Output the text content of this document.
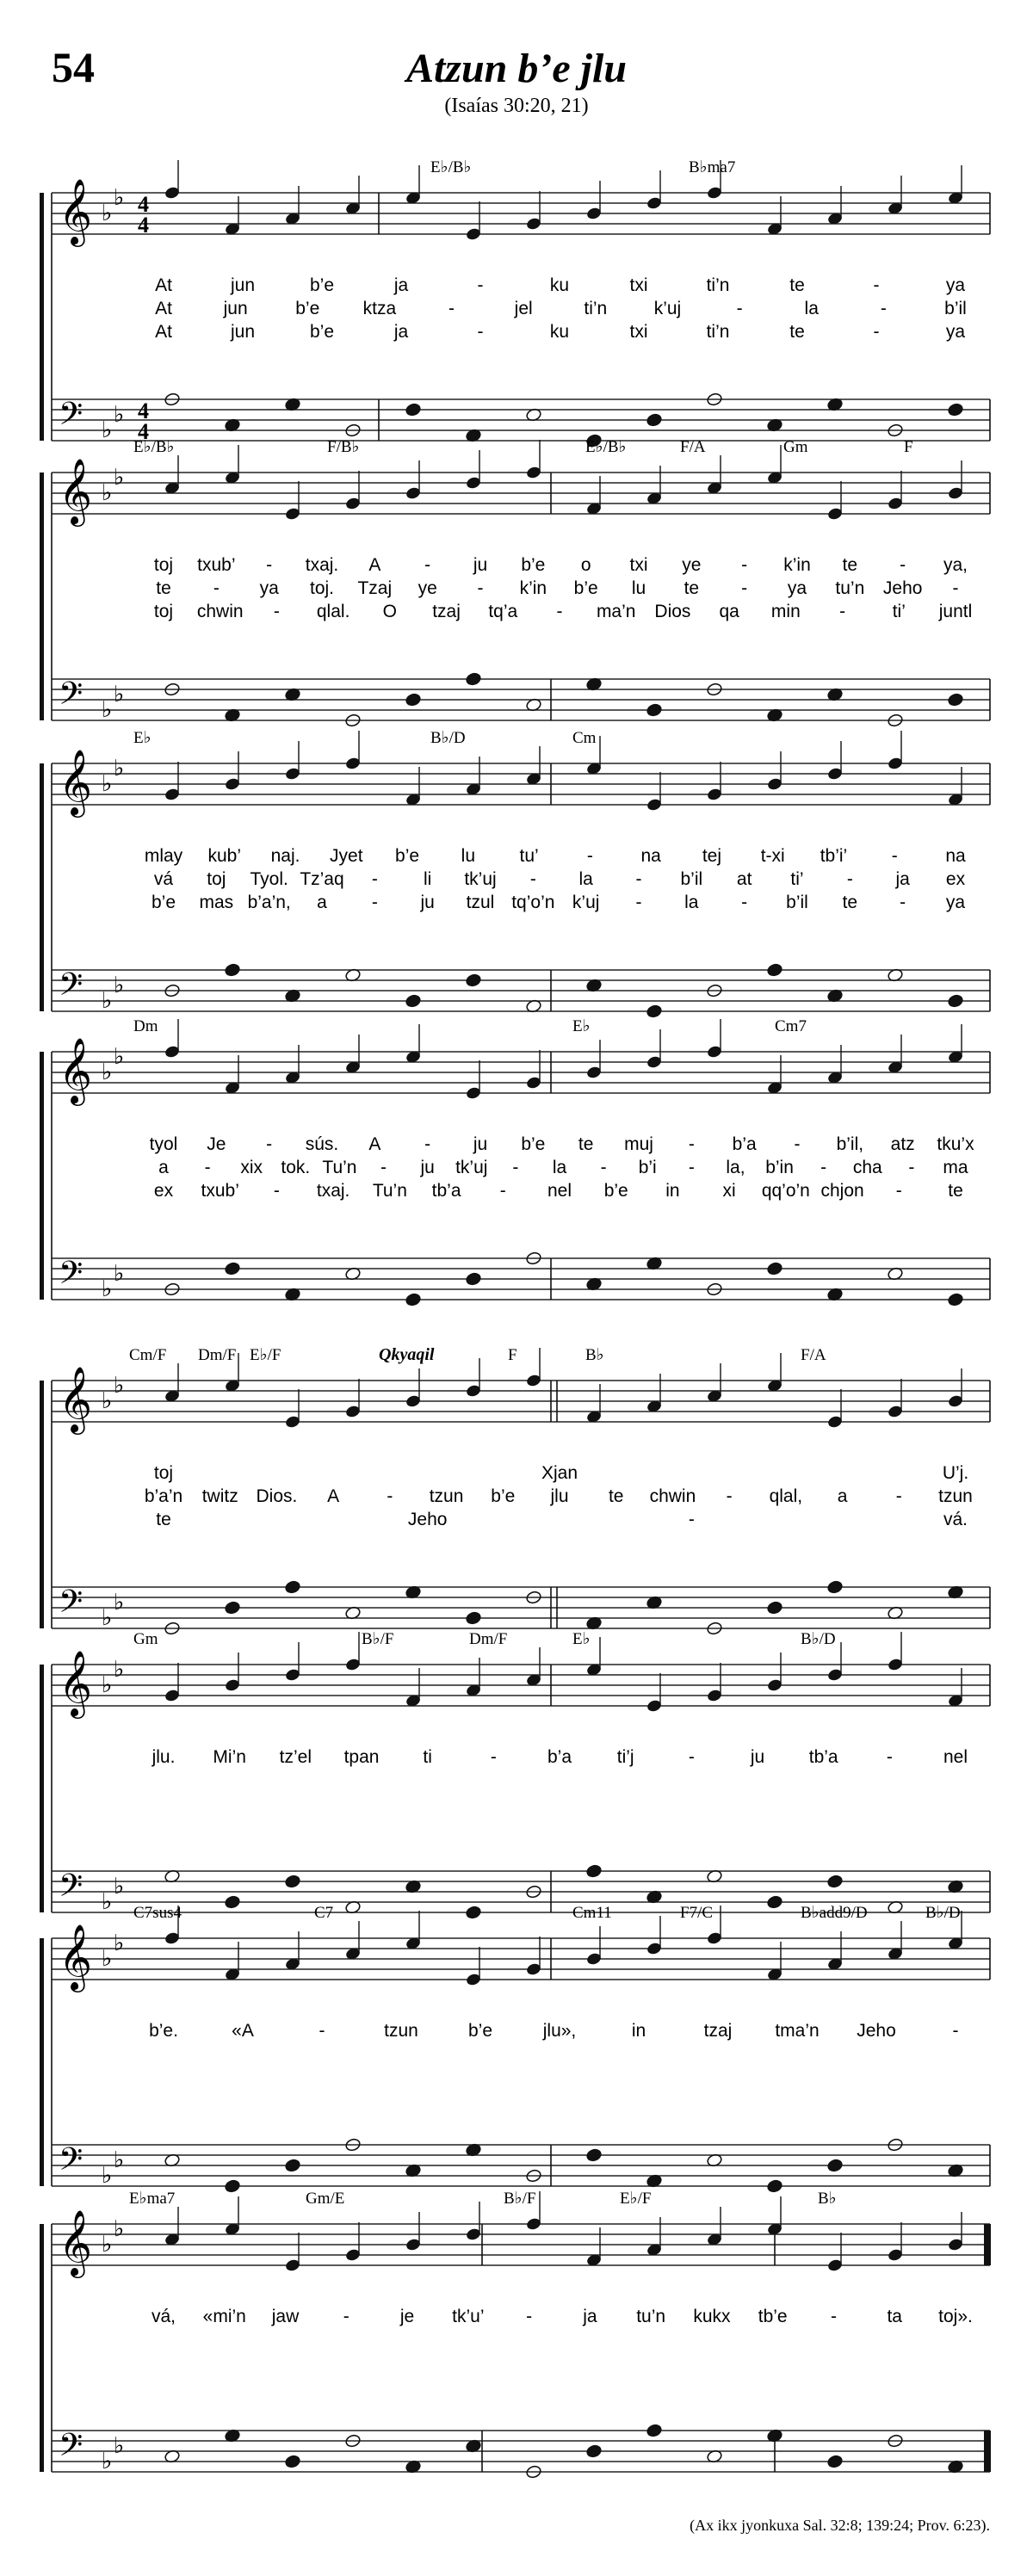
54	Atzun b’e jlu
(Isaías 30:20, 21)
E♭/B♭	B♭ma7
𝄞 ♭
♭ 4
4
𝄢 ♭
♭ 4
4
At	jun	b’e	ja	-	ku	txi	ti’n	te	-	ya
At	jun	b’e ktza	-	jel	ti’n	k’uj	-	la	-	b’il
At	jun	b’e	ja	-	ku	txi	ti’n	te	-	ya
E♭/B♭	F/B♭	E♭/B♭	F/A	Gm	F
𝄞 ♭
♭
𝄢 ♭
♭
toj txub’ - txaj. A - ju b’e o txi ye - k’in te - ya,
te - ya toj. Tzaj ye - k’in b’e lu te - ya tu’n Jeho -
toj chwin - qlal. O tzaj tq’a - ma’n Dios qa min -	ti’ juntl
E♭	B♭/D	Cm
𝄞 ♭
♭
𝄢 ♭
♭
mlay kub’ naj. Jyet b’e lu tu’	-	na tej t-xi tb’i’ -	na
vá toj Tyol. Tz’aq -	li tk’uj - la - b’il at ti’ - ja ex
b’e mas b’a’n, a - ju tzul tq’o’n k’uj - la - b’il te - ya
Dm	E♭	Cm7
𝄞 ♭
♭
𝄢 ♭
♭
tyol Je - sús. A - ju b’e te muj - b’a - b’il, atz tku’x
a - xix tok. Tu’n - ju tk’uj - la - b’i - la, b’in - cha - ma
ex txub’ - txaj. Tu’n tb’a - nel b’e in xi qq’o’n chjon -	te
Cm/F Dm/F E♭/F	F	B♭	F/A
Qkyaqil
𝄞 ♭
♭
𝄢 ♭
♭
toj	Xjan	U’j.
b’a’n twitz Dios. A	- tzun b’e jlu te chwin - qlal, a	- tzun
te	Jeho	-	vá.
Gm	B♭/F	Dm/F	E♭	B♭/D
𝄞 ♭
♭
𝄢 ♭
♭
jlu. Mi’n tz’el tpan ti	-	b’a	ti’j	-	ju tb’a	-	nel
C7sus4	C7	Cm11	F7/C	B♭add9/D	B♭/D
𝄞 ♭
♭
𝄢 ♭
♭
b’e.	«A	-	tzun	b’e	jlu»,	in	tzaj tma’n Jeho	-
E♭ma7	Gm/E	B♭/F	E♭/F	B♭
𝄞 ♭
♭
𝄢 ♭
♭
vá, «mi’n jaw -	je tk’u’ -	ja tu’n kukx tb’e -	ta toj».
(Ax ikx jyonkuxa Sal. 32:8; 139:24; Prov. 6:23).
